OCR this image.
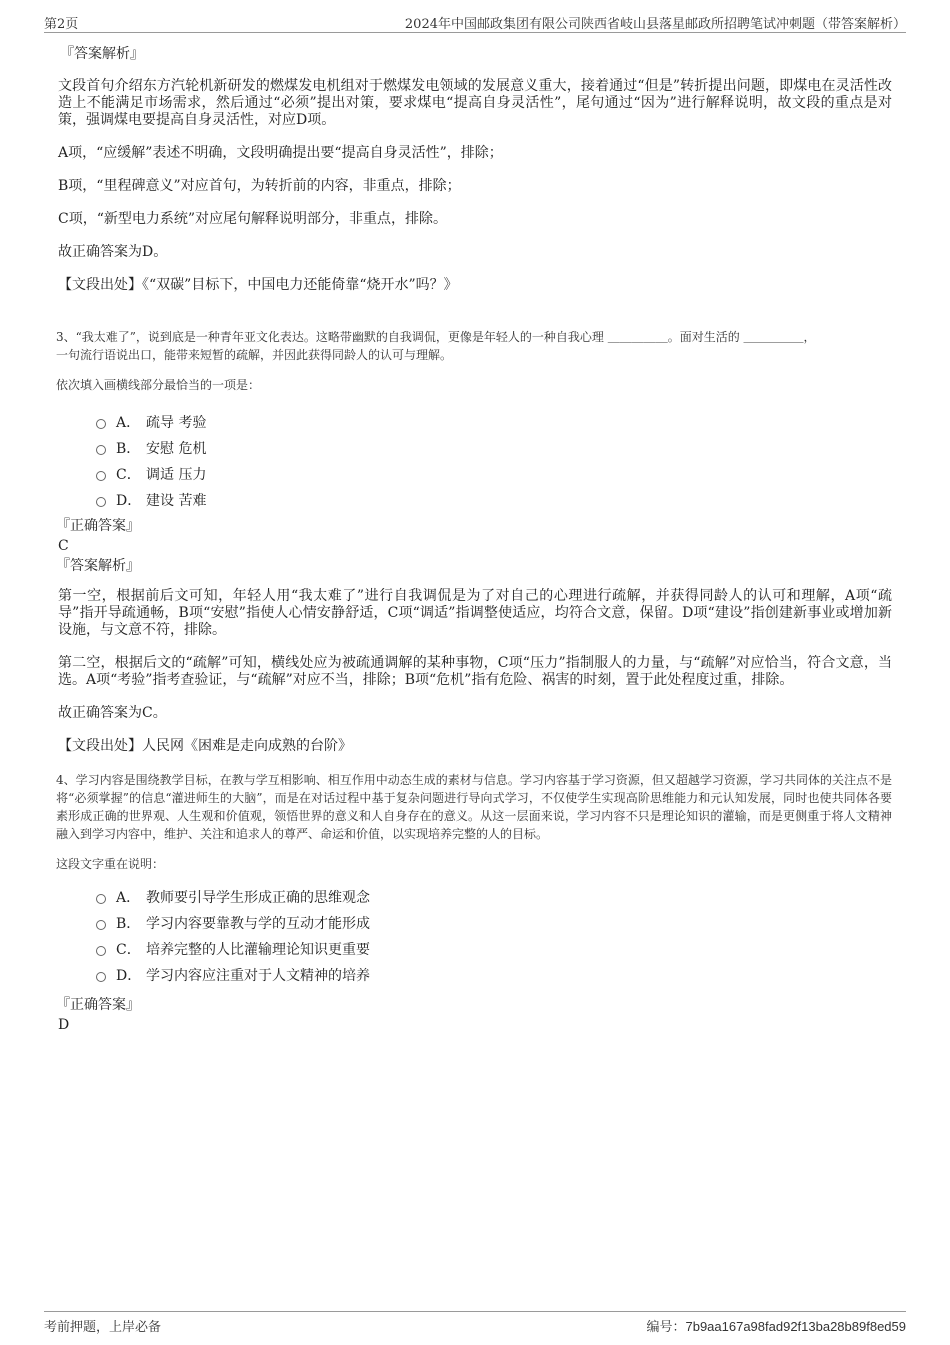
第2页	2024年中国邮政集团有限公司陕西省岐山县落星邮政所招聘笔试冲刺题（带答案解析）
『答案解析』

文段首句介绍东方汽轮机新研发的燃煤发电机组对于燃煤发电领域的发展意义重大，接着通过“但是”转折提出问题，即煤电在灵活性改造上不能满足市场需求，然后通过“必须”提出对策，要求煤电“提高自身灵活性”，尾句通过“因为”进行解释说明，故文段的重点是对策，强调煤电要提高自身灵活性，对应D项。

A项，“应缓解”表述不明确，文段明确提出要“提高自身灵活性”，排除；

B项，“里程碑意义”对应首句，为转折前的内容，非重点，排除；

C项，“新型电力系统”对应尾句解释说明部分，非重点，排除。

故正确答案为D。

【文段出处】《“双碳”目标下，中国电力还能倚靠“烧开水”吗？》

3、“我太难了”，说到底是一种青年亚文化表达。这略带幽默的自我调侃，更像是年轻人的一种自我心理 ＿＿＿＿＿。面对生活的 ＿＿＿＿＿，
一句流行语说出口，能带来短暂的疏解，并因此获得同龄人的认可与理解。

依次填入画横线部分最恰当的一项是：

A． 疏导 考验
B． 安慰 危机
C． 调适 压力
D． 建设 苦难
『正确答案』
C
『答案解析』

第一空，根据前后文可知，年轻人用“我太难了”进行自我调侃是为了对自己的心理进行疏解，并获得同龄人的认可和理解，A项“疏导”指开导疏通畅，B项“安慰”指使人心情安静舒适，C项“调适”指调整使适应，均符合文意，保留。D项“建设”指创建新事业或增加新设施，与文意不符，排除。

第二空，根据后文的“疏解”可知，横线处应为被疏通调解的某种事物，C项“压力”指制服人的力量，与“疏解”对应恰当，符合文意，当选。A项“考验”指考查验证，与“疏解”对应不当，排除；B项“危机”指有危险、祸害的时刻，置于此处程度过重，排除。

故正确答案为C。

【文段出处】人民网《困难是走向成熟的台阶》

4、学习内容是围绕教学目标，在教与学互相影响、相互作用中动态生成的素材与信息。学习内容基于学习资源，但又超越学习资源，学习共同体的关注点不是将“必须掌握”的信息“灌进师生的大脑”，而是在对话过程中基于复杂问题进行导向式学习，不仅使学生实现高阶思维能力和元认知发展，同时也使共同体各要素形成正确的世界观、人生观和价值观，领悟世界的意义和人自身存在的意义。从这一层面来说，学习内容不只是理论知识的灌输，而是更侧重于将人文精神融入到学习内容中，维护、关注和追求人的尊严、命运和价值，以实现培养完整的人的目标。

这段文字重在说明：

A． 教师要引导学生形成正确的思维观念
B． 学习内容要靠教与学的互动才能形成
C． 培养完整的人比灌输理论知识更重要
D． 学习内容应注重对于人文精神的培养
『正确答案』
D
考前押题，上岸必备	编号：7b9aa167a98fad92f13ba28b89f8ed59
